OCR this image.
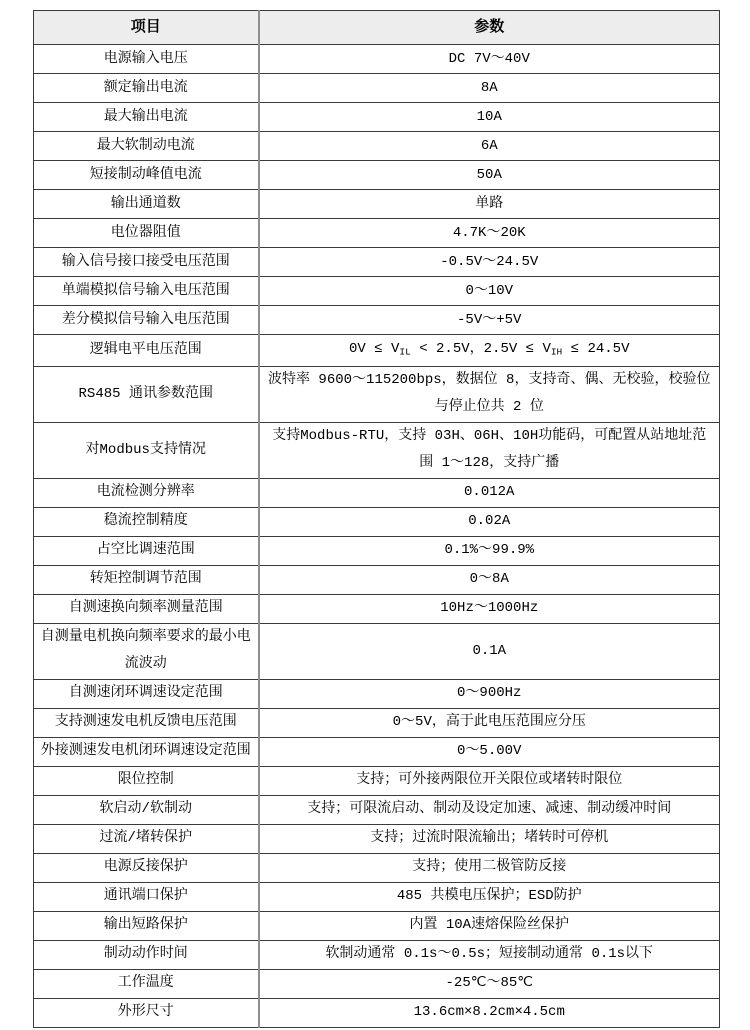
项目	参数
电源输入电压	DC 7V～40V
额定输出电流	8A
最大输出电流	10A
最大软制动电流	6A
短接制动峰值电流	50A
输出通道数	单路
电位器阻值	4.7K～20K
输入信号接口接受电压范围	-0.5V～24.5V
单端模拟信号输入电压范围	0～10V
差分模拟信号输入电压范围	-5V～+5V
逻辑电平电压范围	$0V \le V_{IL} < 2.5V$，$2.5V \le V_{IH} \le 24.5V$
RS485 通讯参数范围	波特率 9600～115200bps，数据位 8，支持奇、偶、无校验，校验位与停止位共 2 位
对Modbus支持情况	支持Modbus-RTU，支持 03H、06H、10H功能码，可配置从站地址范围 1～128，支持广播
电流检测分辨率	0.012A
稳流控制精度	0.02A
占空比调速范围	0.1%～99.9%
转矩控制调节范围	0～8A
自测速换向频率测量范围	10Hz～1000Hz
自测量电机换向频率要求的最小电流波动	0.1A
自测速闭环调速设定范围	0～900Hz
支持测速发电机反馈电压范围	0～5V，高于此电压范围应分压
外接测速发电机闭环调速设定范围	0～5.00V
限位控制	支持；可外接两限位开关限位或堵转时限位
软启动/软制动	支持；可限流启动、制动及设定加速、减速、制动缓冲时间
过流/堵转保护	支持；过流时限流输出；堵转时可停机
电源反接保护	支持；使用二极管防反接
通讯端口保护	485 共模电压保护；ESD防护
输出短路保护	内置 10A速熔保险丝保护
制动动作时间	软制动通常 0.1s～0.5s；短接制动通常 0.1s以下
工作温度	-25℃～85℃
外形尺寸	13.6cm×8.2cm×4.5cm
